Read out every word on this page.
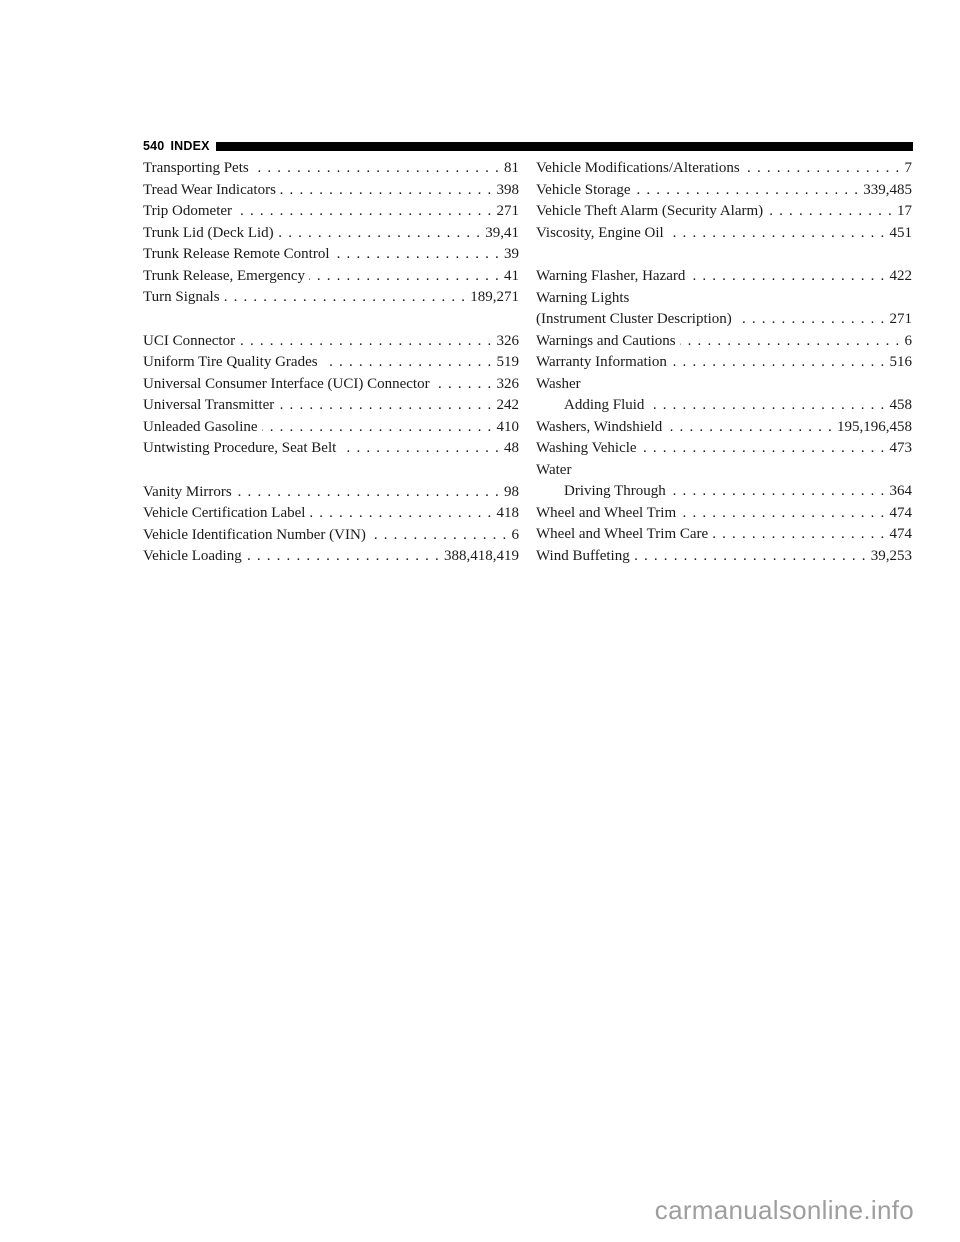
540 INDEX
Transporting Pets . . .	81
Tread Wear Indicators . . .	398
Trip Odometer . . .	271
Trunk Lid (Deck Lid) . . .	39,41
Trunk Release Remote Control . . .	39
Trunk Release, Emergency . . .	41
Turn Signals . . .	189,271
UCI Connector . . .	326
Uniform Tire Quality Grades . . .	519
Universal Consumer Interface (UCI) Connector . . .	326
Universal Transmitter . . .	242
Unleaded Gasoline . . .	410
Untwisting Procedure, Seat Belt . . .	48
Vanity Mirrors . . .	98
Vehicle Certification Label . . .	418
Vehicle Identification Number (VIN) . . .	6
Vehicle Loading . . .	388,418,419
Vehicle Modifications/Alterations . . .	7
Vehicle Storage . . .	339,485
Vehicle Theft Alarm (Security Alarm) . . .	17
Viscosity, Engine Oil . . .	451
Warning Flasher, Hazard . . .	422
Warning Lights
(Instrument Cluster Description) . . .	271
Warnings and Cautions . . .	6
Warranty Information . . .	516
Washer
Adding Fluid . . .	458
Washers, Windshield . . .	195,196,458
Washing Vehicle . . .	473
Water
Driving Through . . .	364
Wheel and Wheel Trim . . .	474
Wheel and Wheel Trim Care . . .	474
Wind Buffeting . . .	39,253
carmanualsonline.info
